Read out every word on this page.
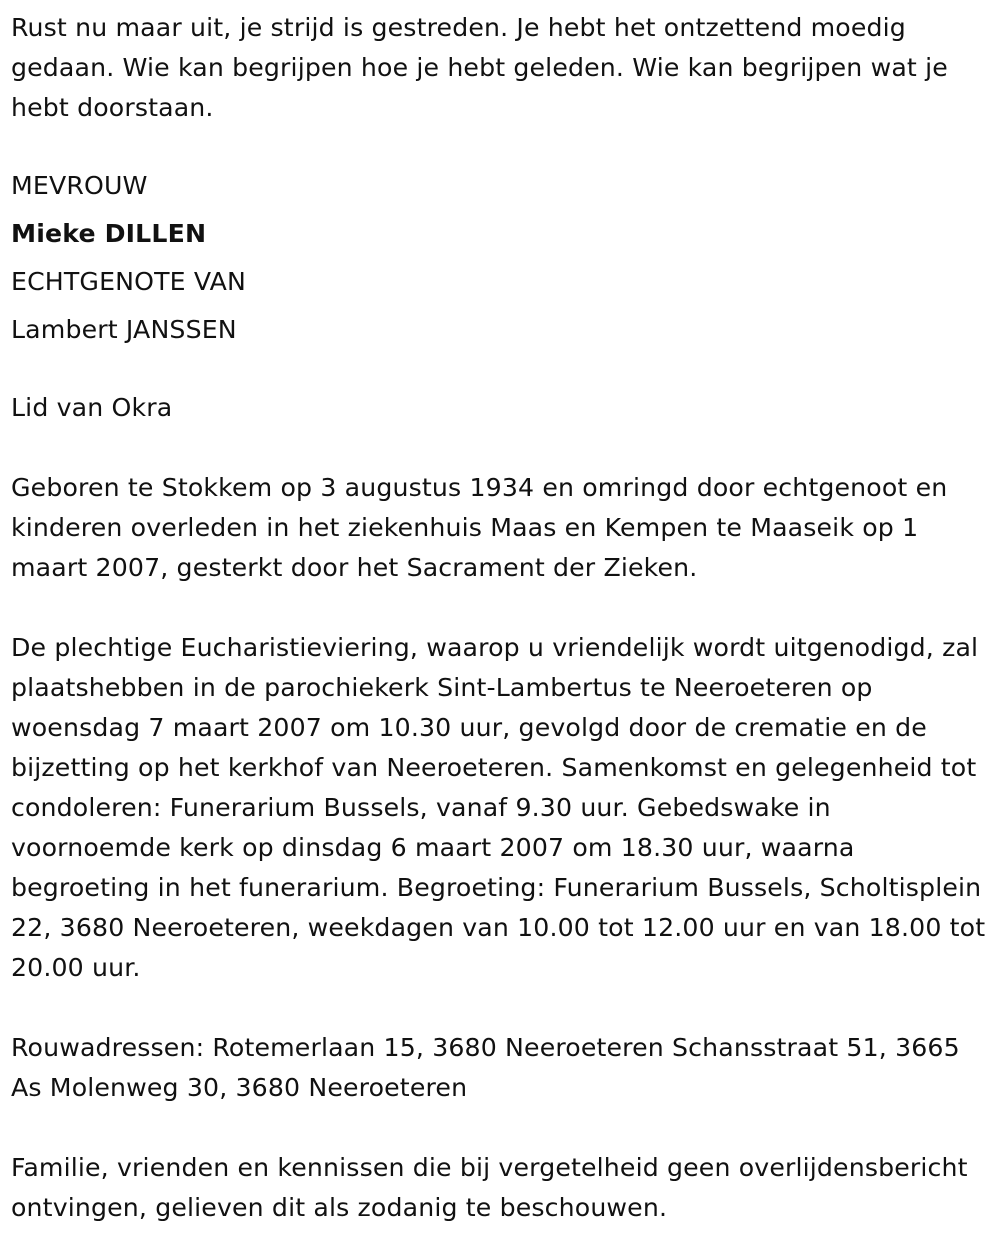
Rust nu maar uit, je strijd is gestreden. Je hebt het ontzettend moedig gedaan. Wie kan begrijpen hoe je hebt geleden. Wie kan begrijpen wat je hebt doorstaan.

MEVROUW

Mieke DILLEN

ECHTGENOTE VAN

Lambert JANSSEN

Lid van Okra

Geboren te Stokkem op 3 augustus 1934 en omringd door echtgenoot en kinderen overleden in het ziekenhuis Maas en Kempen te Maaseik op 1 maart 2007, gesterkt door het Sacrament der Zieken.

De plechtige Eucharistieviering, waarop u vriendelijk wordt uitgenodigd, zal plaatshebben in de parochiekerk Sint-Lambertus te Neeroeteren op woensdag 7 maart 2007 om 10.30 uur, gevolgd door de crematie en de bijzetting op het kerkhof van Neeroeteren. Samenkomst en gelegenheid tot condoleren: Funerarium Bussels, vanaf 9.30 uur. Gebedswake in voornoemde kerk op dinsdag 6 maart 2007 om 18.30 uur, waarna begroeting in het funerarium. Begroeting: Funerarium Bussels, Scholtisplein 22, 3680 Neeroeteren, weekdagen van 10.00 tot 12.00 uur en van 18.00 tot 20.00 uur.

Rouwadressen: Rotemerlaan 15, 3680 Neeroeteren Schansstraat 51, 3665 As Molenweg 30, 3680 Neeroeteren

Familie, vrienden en kennissen die bij vergetelheid geen overlijdensbericht ontvingen, gelieven dit als zodanig te beschouwen.
